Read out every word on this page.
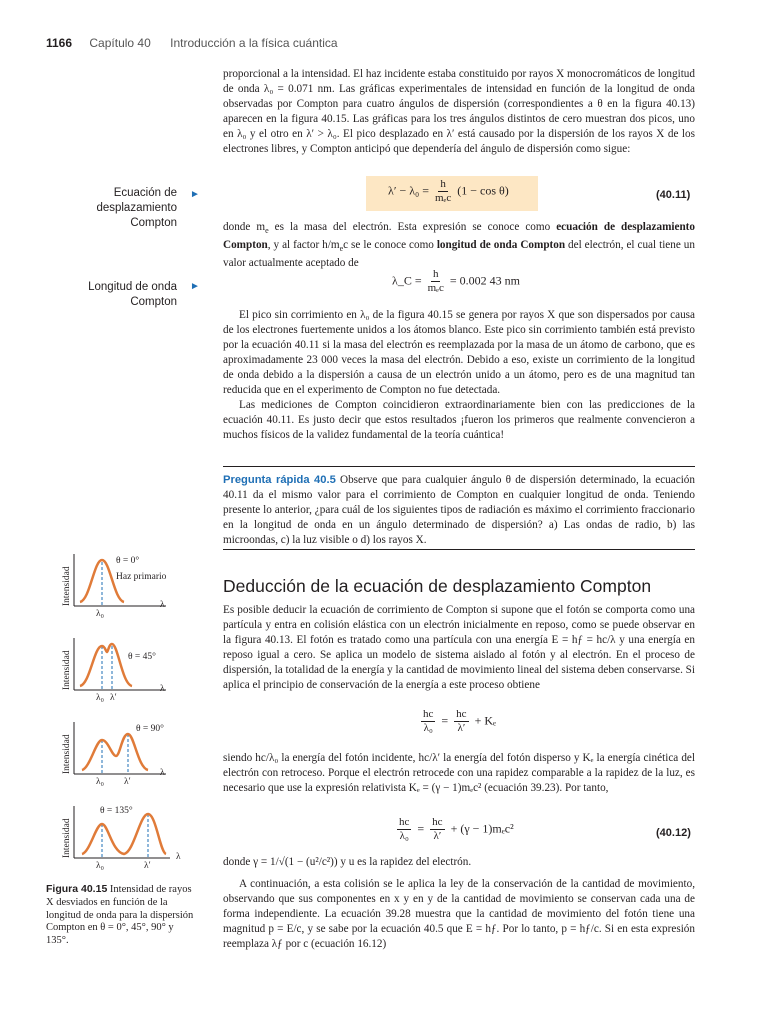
1166 Capítulo 40 Introducción a la física cuántica

proporcional a la intensidad. El haz incidente estaba constituido por rayos X monocromáticos de longitud de onda λ₀ = 0.071 nm. Las gráficas experimentales de intensidad en función de la longitud de onda observadas por Compton para cuatro ángulos de dispersión (correspondientes a θ en la figura 40.13) aparecen en la figura 40.15. Las gráficas para los tres ángulos distintos de cero muestran dos picos, uno en λ₀ y el otro en λ′ > λ₀. El pico desplazado en λ′ está causado por la dispersión de los rayos X de los electrones libres, y Compton anticipó que dependería del ángulo de dispersión como sigue:

Ecuación de desplazamiento Compton
►	$\lambda' - \lambda_0 = \frac{h}{\text{mₑc}} (1 - \cos \theta)$	(40.11)

donde $m_e$ es la masa del electrón. Esta expresión se conoce como ecuación de desplazamiento Compton, y al factor $h/m_ec$ se le conoce como longitud de onda Compton del electrón, el cual tiene un valor actualmente aceptado de

Longitud de onda Compton
►	λ_C = $\frac{h}{\text{mₑc}} = 0.002$ 43 nm

El pico sin corrimiento en λ₀ de la figura 40.15 se genera por rayos X que son dispersados por causa de los electrones fuertemente unidos a los átomos blanco. Este pico sin corrimiento también está previsto por la ecuación 40.11 si la masa del electrón es reemplazada por la masa de un átomo de carbono, que es aproximadamente 23 000 veces la masa del electrón. Debido a eso, existe un corrimiento de la longitud de onda debido a la dispersión a causa de un electrón unido a un átomo, pero es de una magnitud tan reducida que en el experimento de Compton no fue detectada.

Las mediciones de Compton coincidieron extraordinariamente bien con las predicciones de la ecuación 40.11. Es justo decir que estos resultados ¡fueron los primeros que realmente convencieron a muchos físicos de la validez fundamental de la teoría cuántica!

Pregunta rápida 40.5 Observe que para cualquier ángulo θ de dispersión determinado, la ecuación 40.11 da el mismo valor para el corrimiento de Compton en cualquier longitud de onda. Teniendo presente lo anterior, ¿para cuál de los siguientes tipos de radiación es máximo el corrimiento fraccionario en la longitud de onda en un ángulo determinado de dispersión? a) Las ondas de radio, b) las microondas, c) la luz visible o d) los rayos X.

Deducción de la ecuación de desplazamiento Compton

Es posible deducir la ecuación de corrimiento de Compton si supone que el fotón se comporta como una partícula y entra en colisión elástica con un electrón inicialmente en reposo, como se puede observar en la figura 40.13. El fotón es tratado como una partícula con una energía E = hƒ = hc/λ y una energía en reposo igual a cero. Se aplica un modelo de sistema aislado al fotón y al electrón. En el proceso de dispersión, la totalidad de la energía y la cantidad de movimiento lineal del sistema deben conservarse. Si aplica el principio de conservación de la energía a este proceso obtiene

$\frac{hc}{\text{λ₀}} = \frac{hc}{\lambda'} + K_e$

siendo hc/λ₀ la energía del fotón incidente, hc/λ′ la energía del fotón disperso y Kₑ la energía cinética del electrón con retroceso. Porque el electrón retrocede con una rapidez comparable a la rapidez de la luz, es necesario que use la expresión relativista Kₑ = (γ − 1)mₑc² (ecuación 39.23). Por tanto,

$\frac{hc}{\text{λ₀}} = \frac{hc}{\lambda'} + (\gamma - 1)m_ec^2$	(40.12)

donde γ = 1/√(1 − (u²/c²)) y u es la rapidez del electrón.

A continuación, a esta colisión se le aplica la ley de la conservación de la cantidad de movimiento, observando que sus componentes en x y en y de la cantidad de movimiento se conservan cada una de forma independiente. La ecuación 39.28 muestra que la cantidad de movimiento del fotón tiene una magnitud p = E/c, y se sabe por la ecuación 40.5 que E = hƒ. Por lo tanto, p = hƒ/c. Si en esta expresión reemplaza λƒ por c (ecuación 16.12)

Intensidad
θ = 0°
Haz primario
λ
λ₀
Intensidad	θ = 45°
λ
λ₀ λ′
Intensidad
θ = 90°
λ
λ₀ λ′
Intensidad
θ = 135°
λ
λ₀	λ′
Figura 40.15 Intensidad de rayos X desviados en función de la longitud de onda para la dispersión Compton en θ = 0°, 45°, 90° y 135°.
